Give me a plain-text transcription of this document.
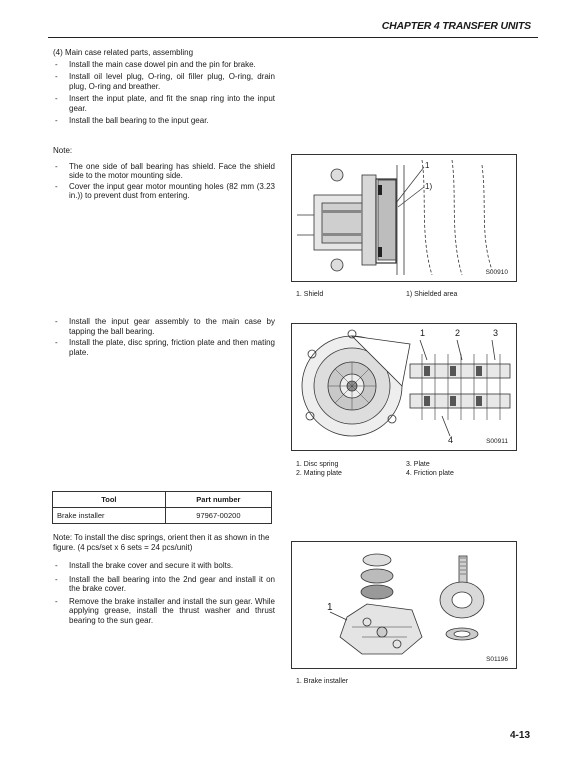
CHAPTER 4 TRANSFER UNITS
(4) Main case related parts, assembling
-	Install the main case dowel pin and the pin for brake.
-	Install oil level plug, O-ring, oil filler plug, O-ring, drain plug, O-ring and breather.
-	Insert the input plate, and fit the snap ring into the input gear.
-	Install the ball bearing to the input gear.
Note:
-	The one side of ball bearing has shield. Face the shield side to the motor mounting side.
-	Cover the input gear motor mounting holes (82 mm (3.23 in.)) to prevent dust from entering.
1
1)
S00910
1. Shield	1) Shielded area
-	Install the input gear assembly to the main case by tapping the ball bearing.
-	Install the plate, disc spring, friction plate and then mating plate.
1	2	3
4	S00911
1. Disc spring
2. Mating plate
3. Plate
4. Friction plate
Tool	Part number
Brake installer	97967-00200
Note: To install the disc springs, orient then it as shown in the figure. (4 pcs/set x 6 sets = 24 pcs/unit)
-	Install the brake cover and secure it with bolts.
-	Install the ball bearing into the 2nd gear and install it on the brake cover.
-	Remove the brake installer and install the sun gear. While applying grease, install the thrust washer and thrust bearing to the sun gear.
1
S01196
1. Brake installer
4-13
